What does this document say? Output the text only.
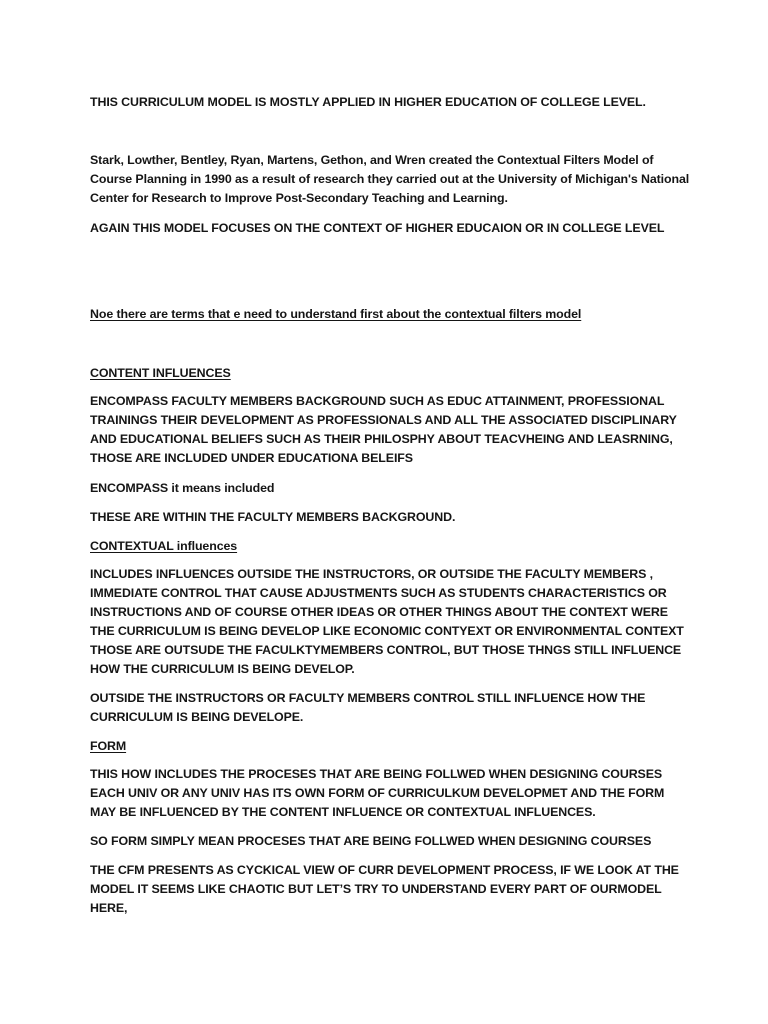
THIS CURRICULUM MODEL IS MOSTLY APPLIED IN HIGHER EDUCATION OF COLLEGE LEVEL.

Stark, Lowther, Bentley, Ryan, Martens, Gethon, and Wren created the Contextual Filters Model of Course Planning in 1990 as a result of research they carried out at the University of Michigan's National Center for Research to Improve Post-Secondary Teaching and Learning.

AGAIN THIS MODEL FOCUSES ON THE CONTEXT OF HIGHER EDUCAION OR IN COLLEGE LEVEL

Noe there are terms that e need to understand first about the contextual filters model

CONTENT INFLUENCES

ENCOMPASS FACULTY MEMBERS BACKGROUND SUCH AS EDUC ATTAINMENT, PROFESSIONAL TRAININGS THEIR DEVELOPMENT AS PROFESSIONALS AND ALL THE ASSOCIATED DISCIPLINARY AND EDUCATIONAL BELIEFS SUCH AS THEIR PHILOSPHY ABOUT TEACVHEING AND LEASRNING, THOSE ARE INCLUDED UNDER EDUCATIONA BELEIFS

ENCOMPASS it means included

THESE ARE WITHIN THE FACULTY MEMBERS BACKGROUND.

CONTEXTUAL influences

INCLUDES INFLUENCES OUTSIDE THE INSTRUCTORS, OR OUTSIDE THE FACULTY MEMBERS , IMMEDIATE CONTROL THAT CAUSE ADJUSTMENTS SUCH AS STUDENTS CHARACTERISTICS OR INSTRUCTIONS AND OF COURSE OTHER IDEAS OR OTHER THINGS ABOUT THE CONTEXT WERE THE CURRICULUM IS BEING DEVELOP LIKE ECONOMIC CONTYEXT OR ENVIRONMENTAL CONTEXT THOSE ARE OUTSUDE THE FACULKTYMEMBERS CONTROL, BUT THOSE THNGS STILL INFLUENCE HOW THE CURRICULUM IS BEING DEVELOP.

OUTSIDE THE INSTRUCTORS OR FACULTY MEMBERS CONTROL STILL INFLUENCE HOW THE CURRICULUM IS BEING DEVELOPE.

FORM

THIS HOW INCLUDES THE PROCESES THAT ARE BEING FOLLWED WHEN DESIGNING COURSES EACH UNIV OR ANY UNIV HAS ITS OWN FORM OF CURRICULKUM DEVELOPMET AND THE FORM MAY BE INFLUENCED BY THE CONTENT INFLUENCE OR CONTEXTUAL INFLUENCES.

SO FORM SIMPLY MEAN PROCESES THAT ARE BEING FOLLWED WHEN DESIGNING COURSES

THE CFM PRESENTS AS CYCKICAL VIEW OF CURR DEVELOPMENT PROCESS, IF WE LOOK AT THE MODEL IT SEEMS LIKE CHAOTIC BUT LET’S TRY TO UNDERSTAND EVERY PART OF OURMODEL HERE,
